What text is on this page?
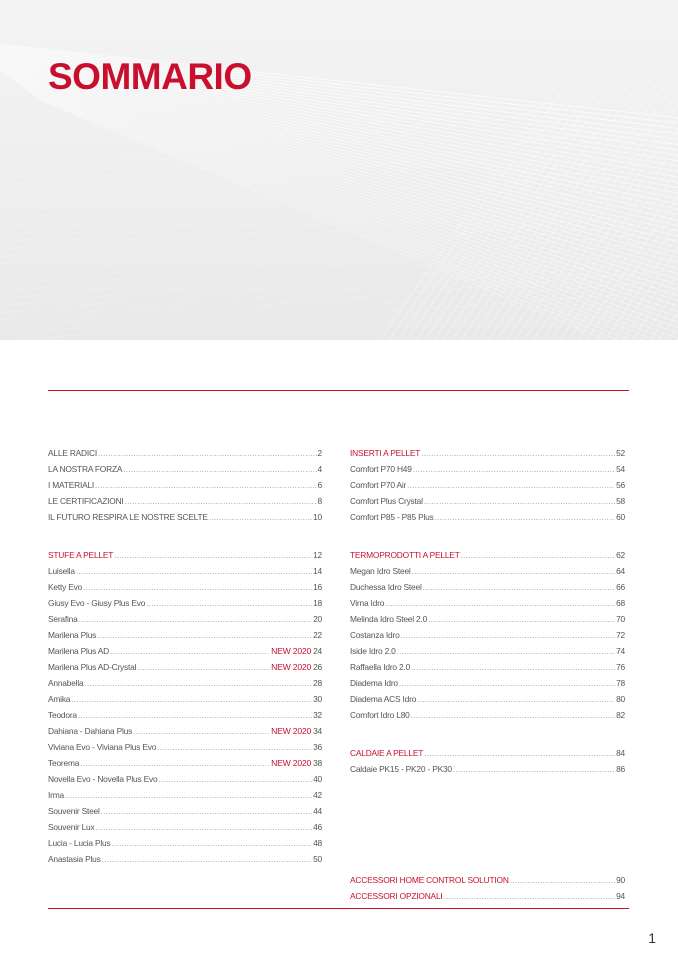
SOMMARIO
ALLE RADICI .....	2
LA NOSTRA FORZA .....	4
I MATERIALI .....	6
LE CERTIFICAZIONI .....	8
IL FUTURO RESPIRA LE NOSTRE SCELTE .....	10
STUFE A PELLET .....	12
Luisella .....	14
Ketty Evo .....	16
Giusy Evo - Giusy Plus Evo .....	18
Serafina .....	20
Marilena Plus .....	22
Marilena Plus AD .....	NEW 2020 24
Marilena Plus AD-Crystal .....	NEW 2020 26
Annabella .....	28
Amika .....	30
Teodora .....	32
Dahiana - Dahiana Plus .....	NEW 2020 34
Viviana Evo - Viviana Plus Evo .....	36
Teorema .....	NEW 2020 38
Novella Evo - Novella Plus Evo .....	40
Irma .....	42
Souvenir Steel .....	44
Souvenir Lux .....	46
Lucia - Lucia Plus .....	48
Anastasia Plus .....	50
INSERTI A PELLET .....	52
Comfort P70 H49 .....	54
Comfort P70 Air .....	56
Comfort Plus Crystal .....	58
Comfort P85 - P85 Plus .....	60
TERMOPRODOTTI A PELLET .....	62
Megan Idro Steel .....	64
Duchessa Idro Steel .....	66
Virna Idro .....	68
Melinda Idro Steel 2.0 .....	70
Costanza Idro .....	72
Iside Idro 2.0 .....	74
Raffaella Idro 2.0 .....	76
Diadema Idro .....	78
Diadema ACS Idro .....	80
Comfort Idro L80 .....	82
CALDAIE A PELLET .....	84
Caldaie PK15 - PK20 - PK30 .....	86
ACCESSORI HOME CONTROL SOLUTION .....	90
ACCESSORI OPZIONALI .....	94
1
